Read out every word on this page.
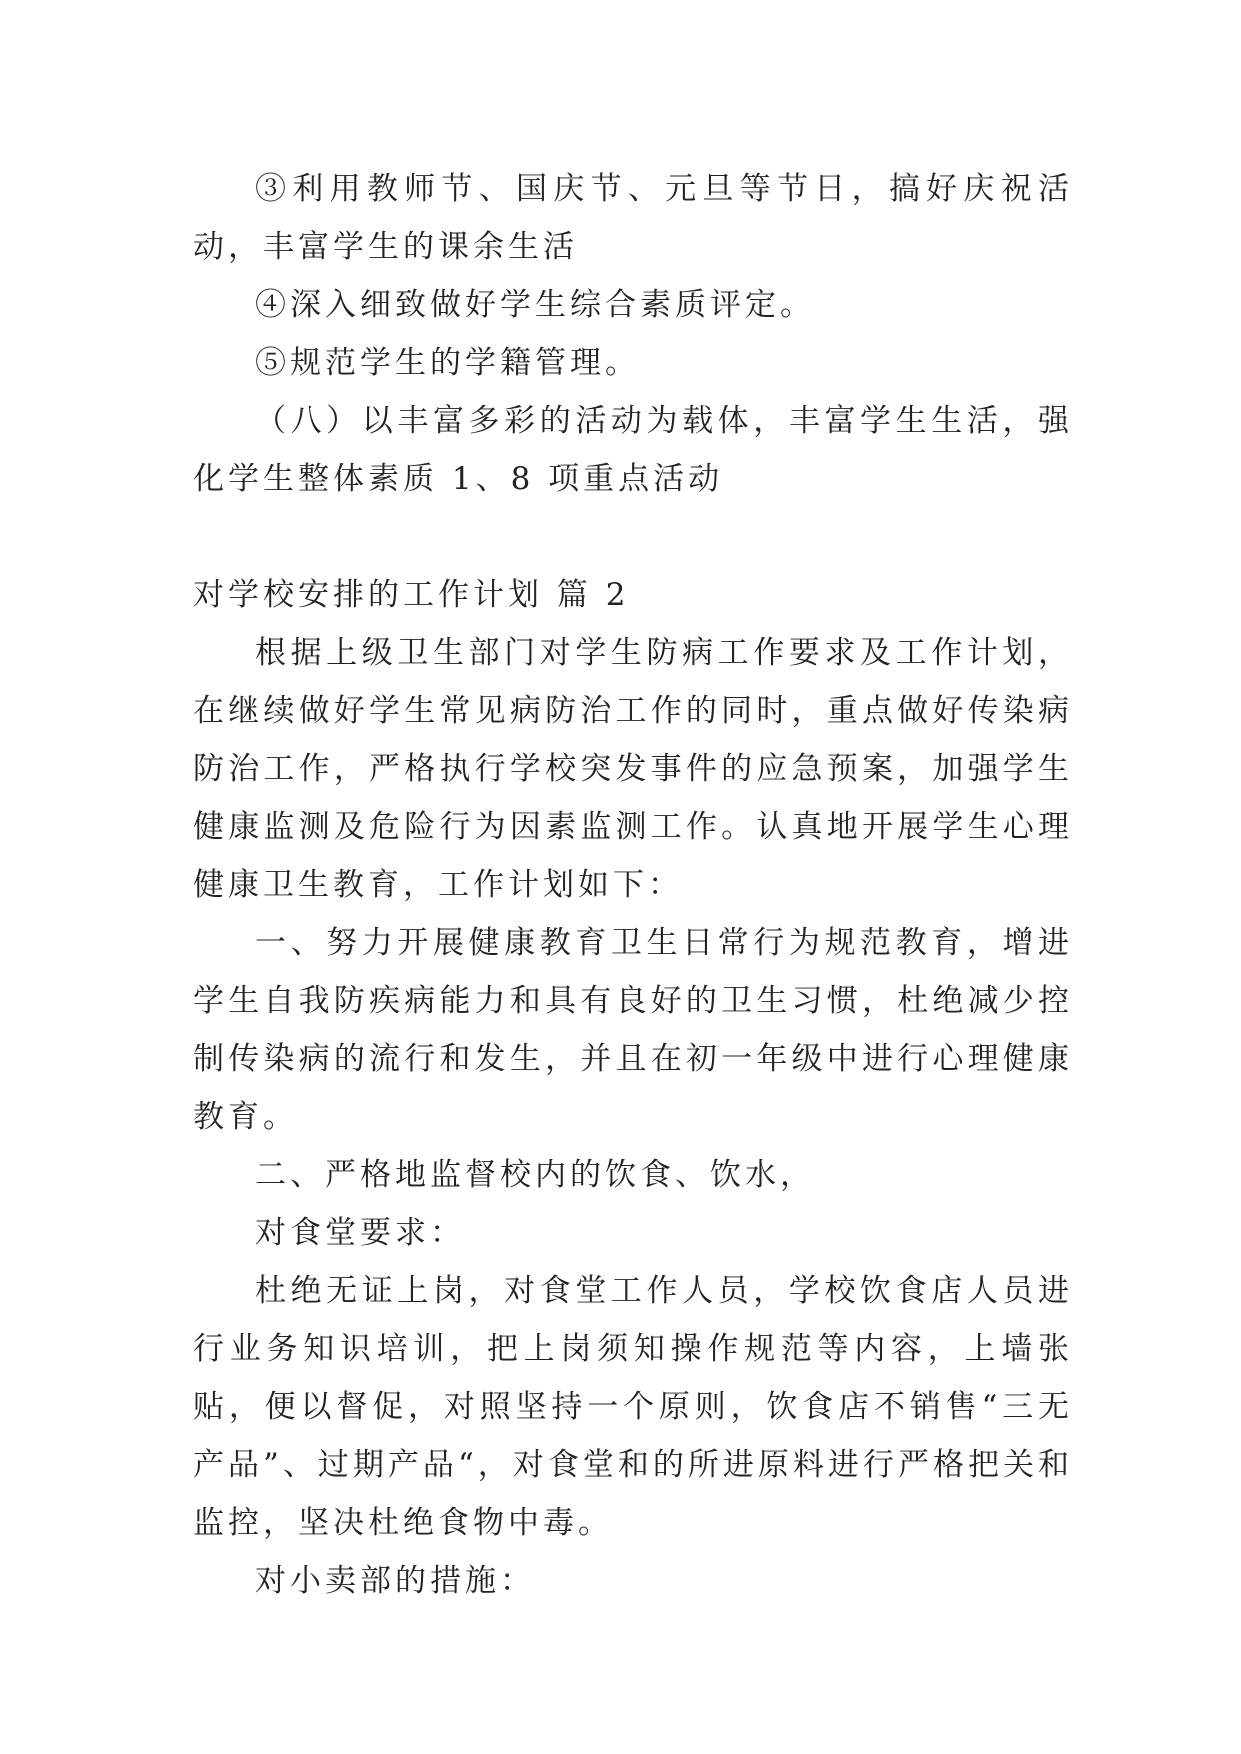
③利用教师节、国庆节、元旦等节日，搞好庆祝活动，丰富学生的课余生活

④深入细致做好学生综合素质评定。

⑤规范学生的学籍管理。

（八）以丰富多彩的活动为载体，丰富学生生活，强化学生整体素质 1、8 项重点活动

对学校安排的工作计划 篇 2

根据上级卫生部门对学生防病工作要求及工作计划，在继续做好学生常见病防治工作的同时，重点做好传染病防治工作，严格执行学校突发事件的应急预案，加强学生健康监测及危险行为因素监测工作。认真地开展学生心理健康卫生教育，工作计划如下：

一、努力开展健康教育卫生日常行为规范教育，增进学生自我防疾病能力和具有良好的卫生习惯，杜绝减少控制传染病的流行和发生，并且在初一年级中进行心理健康教育。

二、严格地监督校内的饮食、饮水，

对食堂要求：

杜绝无证上岗，对食堂工作人员，学校饮食店人员进行业务知识培训，把上岗须知操作规范等内容，上墙张贴，便以督促，对照坚持一个原则，饮食店不销售“三无产品”、过期产品“，对食堂和的所进原料进行严格把关和监控，坚决杜绝食物中毒。

对小卖部的措施：
